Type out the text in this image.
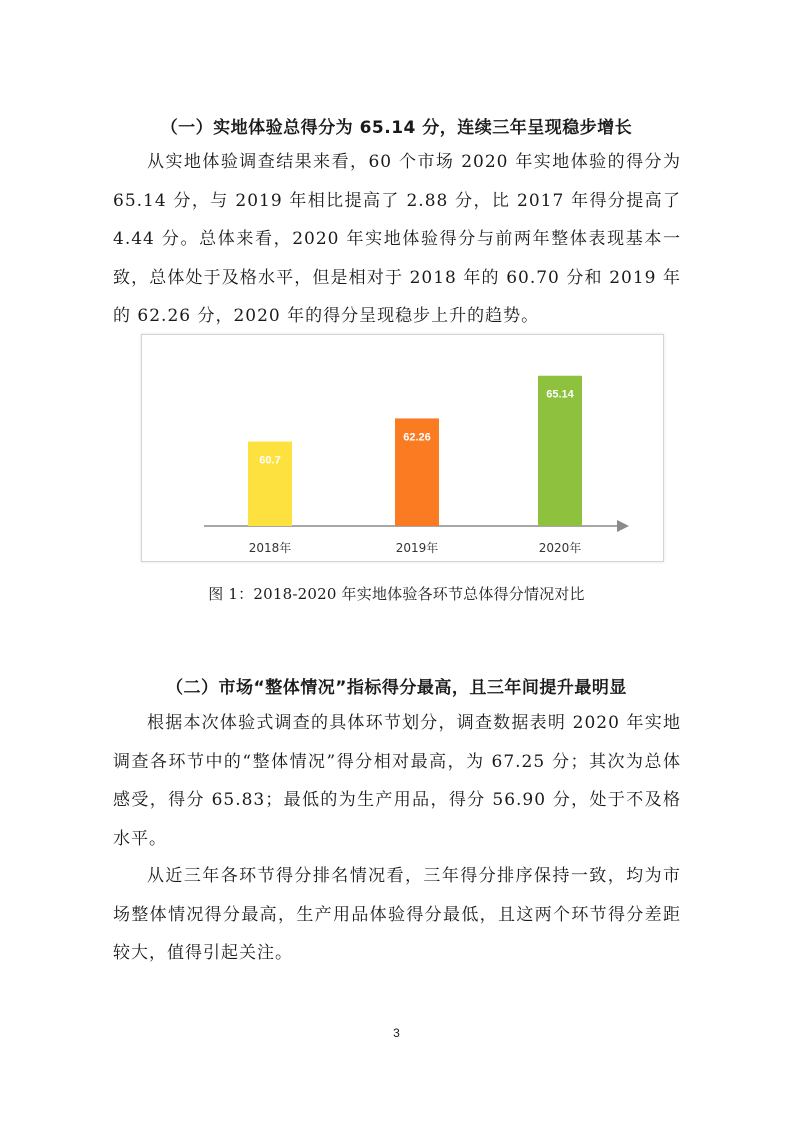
（一）实地体验总得分为 65.14 分，连续三年呈现稳步增长

从实地体验调查结果来看，60 个市场 2020 年实地体验的得分为 65.14 分，与 2019 年相比提高了 2.88 分，比 2017 年得分提高了 4.44 分。总体来看，2020 年实地体验得分与前两年整体表现基本一致，总体处于及格水平，但是相对于 2018 年的 60.70 分和 2019 年的 62.26 分，2020 年的得分呈现稳步上升的趋势。

60.7
2018年
62.26
2019年
65.14
2020年
图 1：2018-2020 年实地体验各环节总体得分情况对比
（二）市场“整体情况”指标得分最高，且三年间提升最明显

根据本次体验式调查的具体环节划分，调查数据表明 2020 年实地调查各环节中的“整体情况”得分相对最高，为 67.25 分；其次为总体感受，得分 65.83；最低的为生产用品，得分 56.90 分，处于不及格水平。

从近三年各环节得分排名情况看，三年得分排序保持一致，均为市场整体情况得分最高，生产用品体验得分最低，且这两个环节得分差距较大，值得引起关注。

3
